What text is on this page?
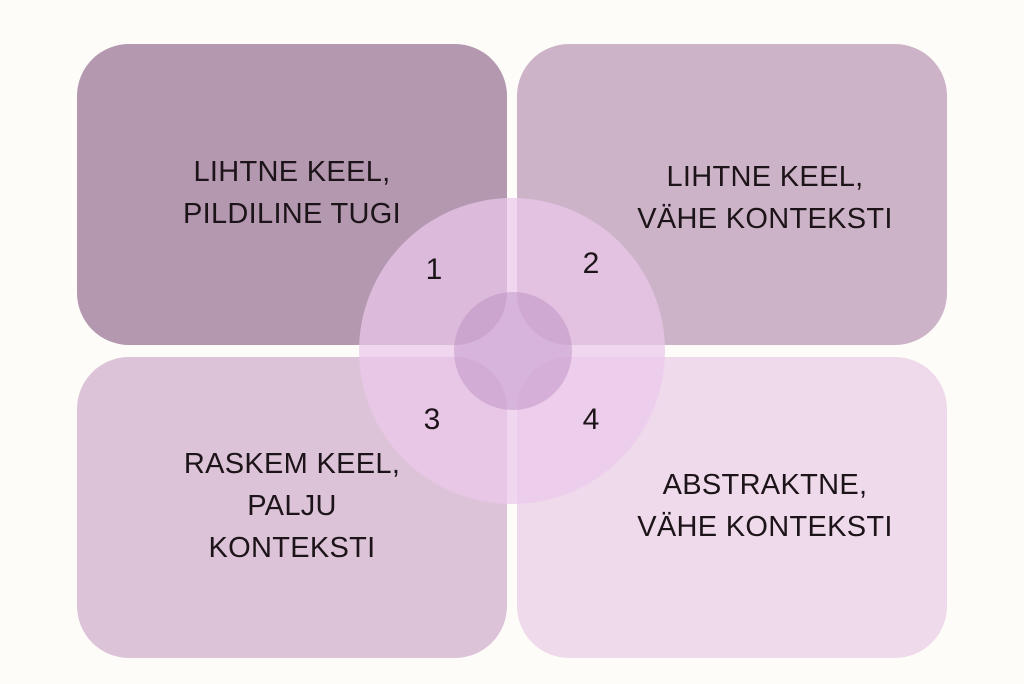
LIHTNE KEEL,
PILDILINE TUGI
LIHTNE KEEL,
VÄHE KONTEKSTI
RASKEM KEEL,
PALJU
KONTEKSTI
ABSTRAKTNE,
VÄHE KONTEKSTI
1	2
3	4
